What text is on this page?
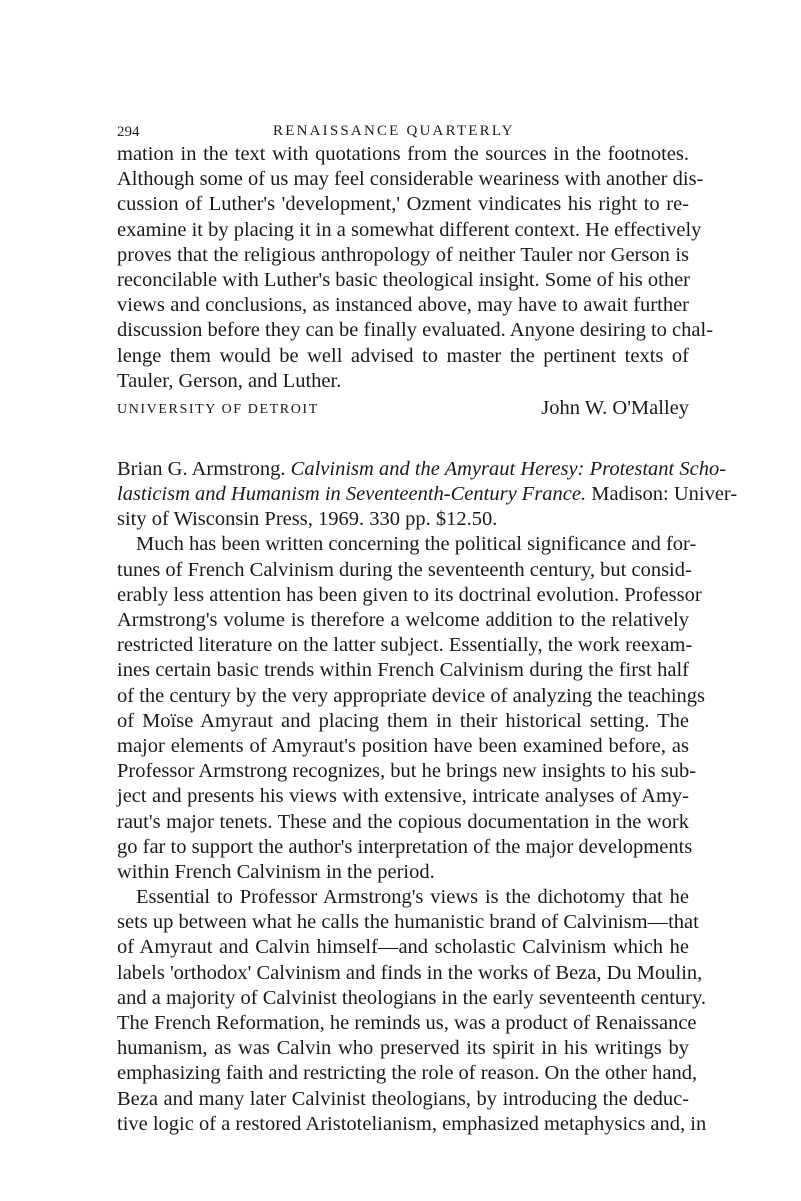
294	RENAISSANCE QUARTERLY
mation in the text with quotations from the sources in the footnotes.
Although some of us may feel considerable weariness with another dis-
cussion of Luther's 'development,' Ozment vindicates his right to re-
examine it by placing it in a somewhat different context. He effectively
proves that the religious anthropology of neither Tauler nor Gerson is
reconcilable with Luther's basic theological insight. Some of his other
views and conclusions, as instanced above, may have to await further
discussion before they can be finally evaluated. Anyone desiring to chal-
lenge them would be well advised to master the pertinent texts of
Tauler, Gerson, and Luther.
UNIVERSITY OF DETROIT	John W. O'Malley
Brian G. Armstrong. Calvinism and the Amyraut Heresy: Protestant Scho-
lasticism and Humanism in Seventeenth-Century France. Madison: Univer-
sity of Wisconsin Press, 1969. 330 pp. $12.50.
Much has been written concerning the political significance and for-
tunes of French Calvinism during the seventeenth century, but consid-
erably less attention has been given to its doctrinal evolution. Professor
Armstrong's volume is therefore a welcome addition to the relatively
restricted literature on the latter subject. Essentially, the work reexam-
ines certain basic trends within French Calvinism during the first half
of the century by the very appropriate device of analyzing the teachings
of Moïse Amyraut and placing them in their historical setting. The
major elements of Amyraut's position have been examined before, as
Professor Armstrong recognizes, but he brings new insights to his sub-
ject and presents his views with extensive, intricate analyses of Amy-
raut's major tenets. These and the copious documentation in the work
go far to support the author's interpretation of the major developments
within French Calvinism in the period.
Essential to Professor Armstrong's views is the dichotomy that he
sets up between what he calls the humanistic brand of Calvinism—that
of Amyraut and Calvin himself—and scholastic Calvinism which he
labels 'orthodox' Calvinism and finds in the works of Beza, Du Moulin,
and a majority of Calvinist theologians in the early seventeenth century.
The French Reformation, he reminds us, was a product of Renaissance
humanism, as was Calvin who preserved its spirit in his writings by
emphasizing faith and restricting the role of reason. On the other hand,
Beza and many later Calvinist theologians, by introducing the deduc-
tive logic of a restored Aristotelianism, emphasized metaphysics and, in
